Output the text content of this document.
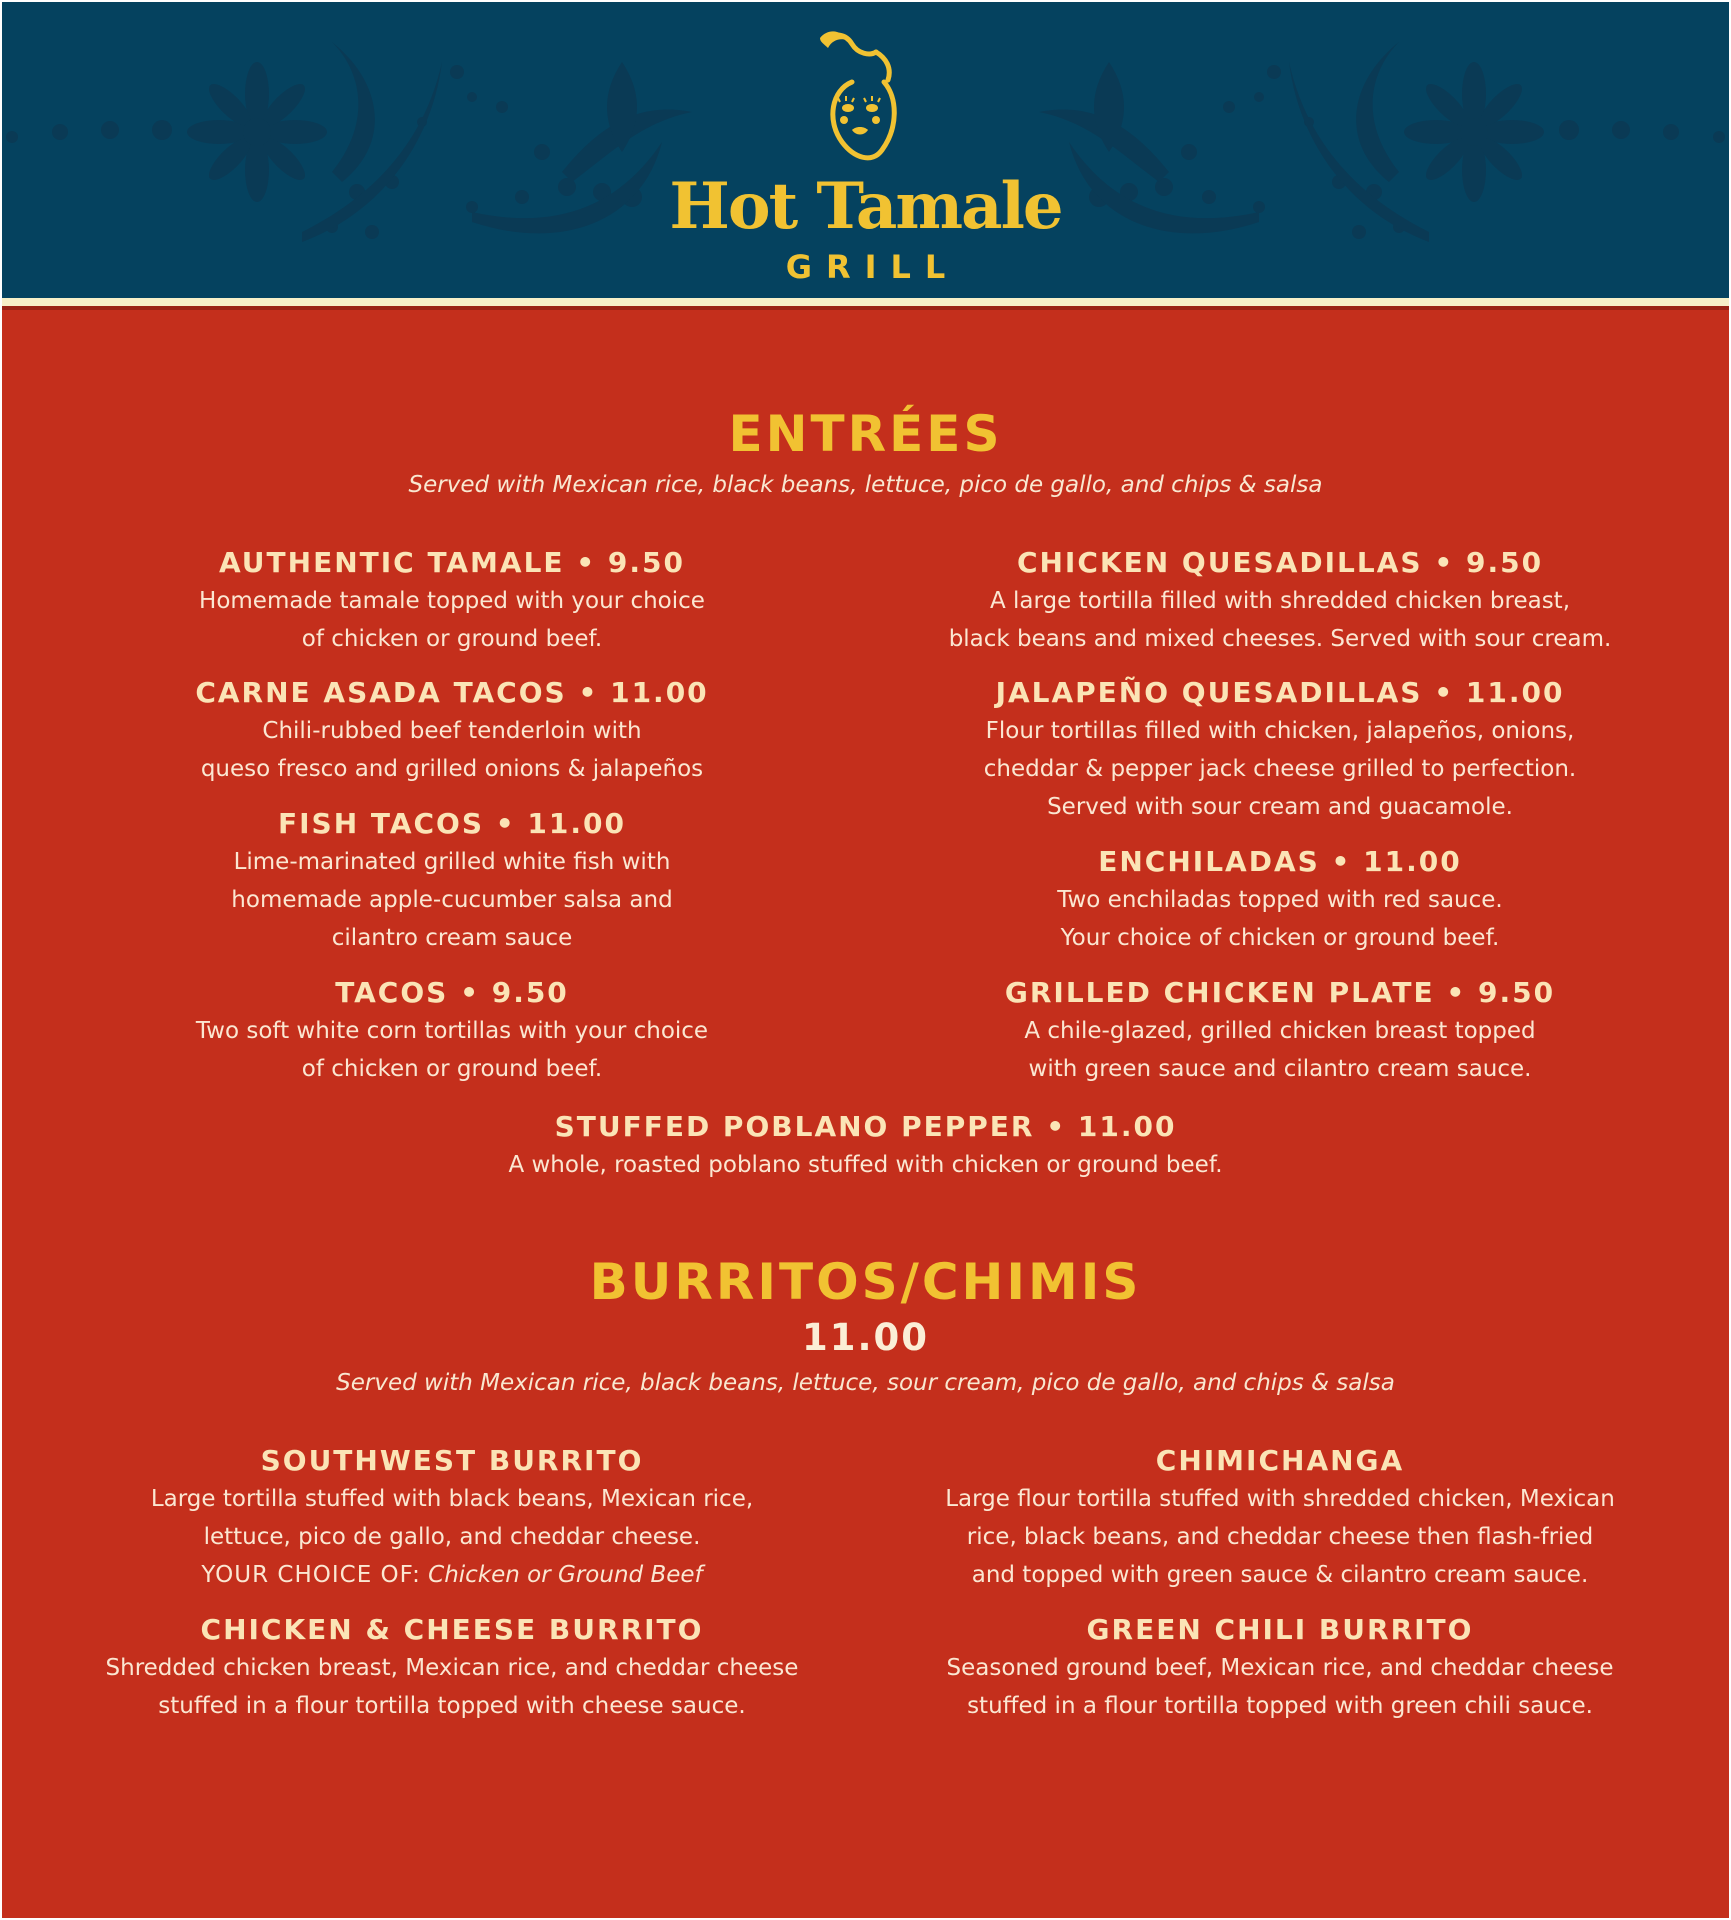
Hot Tamale
GRILL
ENTRÉES
Served with Mexican rice, black beans, lettuce, pico de gallo, and chips & salsa
AUTHENTIC TAMALE • 9.50
Homemade tamale topped with your choice
of chicken or ground beef.
CARNE ASADA TACOS • 11.00
Chili-rubbed beef tenderloin with
queso fresco and grilled onions & jalapeños
FISH TACOS • 11.00
Lime-marinated grilled white fish with
homemade apple-cucumber salsa and
cilantro cream sauce
TACOS • 9.50
Two soft white corn tortillas with your choice
of chicken or ground beef.
CHICKEN QUESADILLAS • 9.50
A large tortilla filled with shredded chicken breast,
black beans and mixed cheeses. Served with sour cream.
JALAPEÑO QUESADILLAS • 11.00
Flour tortillas filled with chicken, jalapeños, onions,
cheddar & pepper jack cheese grilled to perfection.
Served with sour cream and guacamole.
ENCHILADAS • 11.00
Two enchiladas topped with red sauce.
Your choice of chicken or ground beef.
GRILLED CHICKEN PLATE • 9.50
A chile-glazed, grilled chicken breast topped
with green sauce and cilantro cream sauce.
STUFFED POBLANO PEPPER • 11.00
A whole, roasted poblano stuffed with chicken or ground beef.
BURRITOS/CHIMIS
11.00
Served with Mexican rice, black beans, lettuce, sour cream, pico de gallo, and chips & salsa
SOUTHWEST BURRITO
Large tortilla stuffed with black beans, Mexican rice,
lettuce, pico de gallo, and cheddar cheese.
YOUR CHOICE OF: Chicken or Ground Beef
CHICKEN & CHEESE BURRITO
Shredded chicken breast, Mexican rice, and cheddar cheese
stuffed in a flour tortilla topped with cheese sauce.
CHIMICHANGA
Large flour tortilla stuffed with shredded chicken, Mexican
rice, black beans, and cheddar cheese then flash-fried
and topped with green sauce & cilantro cream sauce.
GREEN CHILI BURRITO
Seasoned ground beef, Mexican rice, and cheddar cheese
stuffed in a flour tortilla topped with green chili sauce.
